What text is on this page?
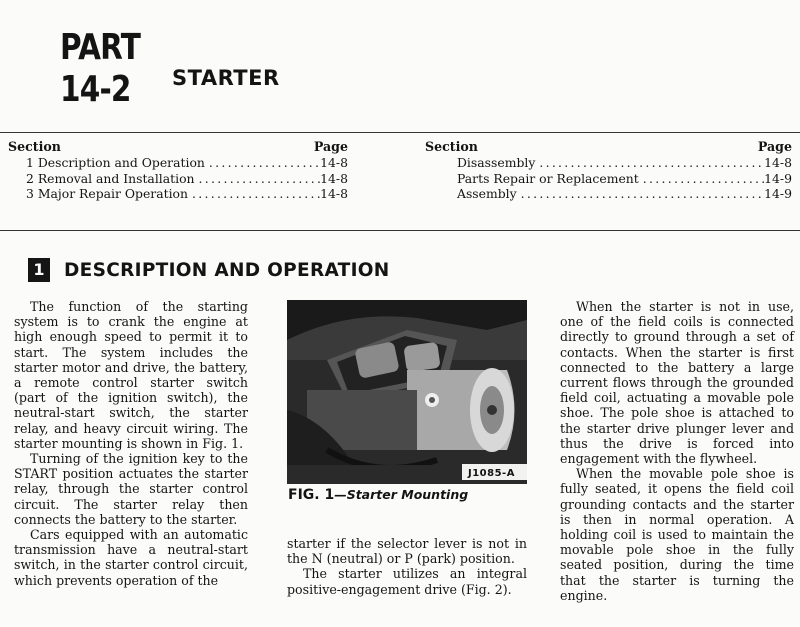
PART
14-2 STARTER
Section	Page
1 Description and Operation .....	14-8
2 Removal and Installation .....	14-8
3 Major Repair Operation .....	14-8
Section	Page
Disassembly .....	14-8
Parts Repair or Replacement .....	14-9
Assembly .....	14-9
1 DESCRIPTION AND OPERATION

The function of the starting system is to crank the engine at high enough speed to permit it to start. The system includes the starter motor and drive, the battery, a remote control starter switch (part of the ignition switch), the neutral-start switch, the starter relay, and heavy circuit wiring. The starter mounting is shown in Fig. 1.

Turning of the ignition key to the START position actuates the starter relay, through the starter control circuit. The starter relay then connects the battery to the starter.

Cars equipped with an automatic transmission have a neutral-start switch, in the starter control circuit, which prevents operation of the

J1085-A
FIG. 1—Starter Mounting

starter if the selector lever is not in the N (neutral) or P (park) position.

The starter utilizes an integral positive-engagement drive (Fig. 2).

When the starter is not in use, one of the field coils is connected directly to ground through a set of contacts. When the starter is first connected to the battery a large current flows through the grounded field coil, actuating a movable pole shoe. The pole shoe is attached to the starter drive plunger lever and thus the drive is forced into engagement with the flywheel.

When the movable pole shoe is fully seated, it opens the field coil grounding contacts and the starter is then in normal operation. A holding coil is used to maintain the movable pole shoe in the fully seated position, during the time that the starter is turning the engine.
